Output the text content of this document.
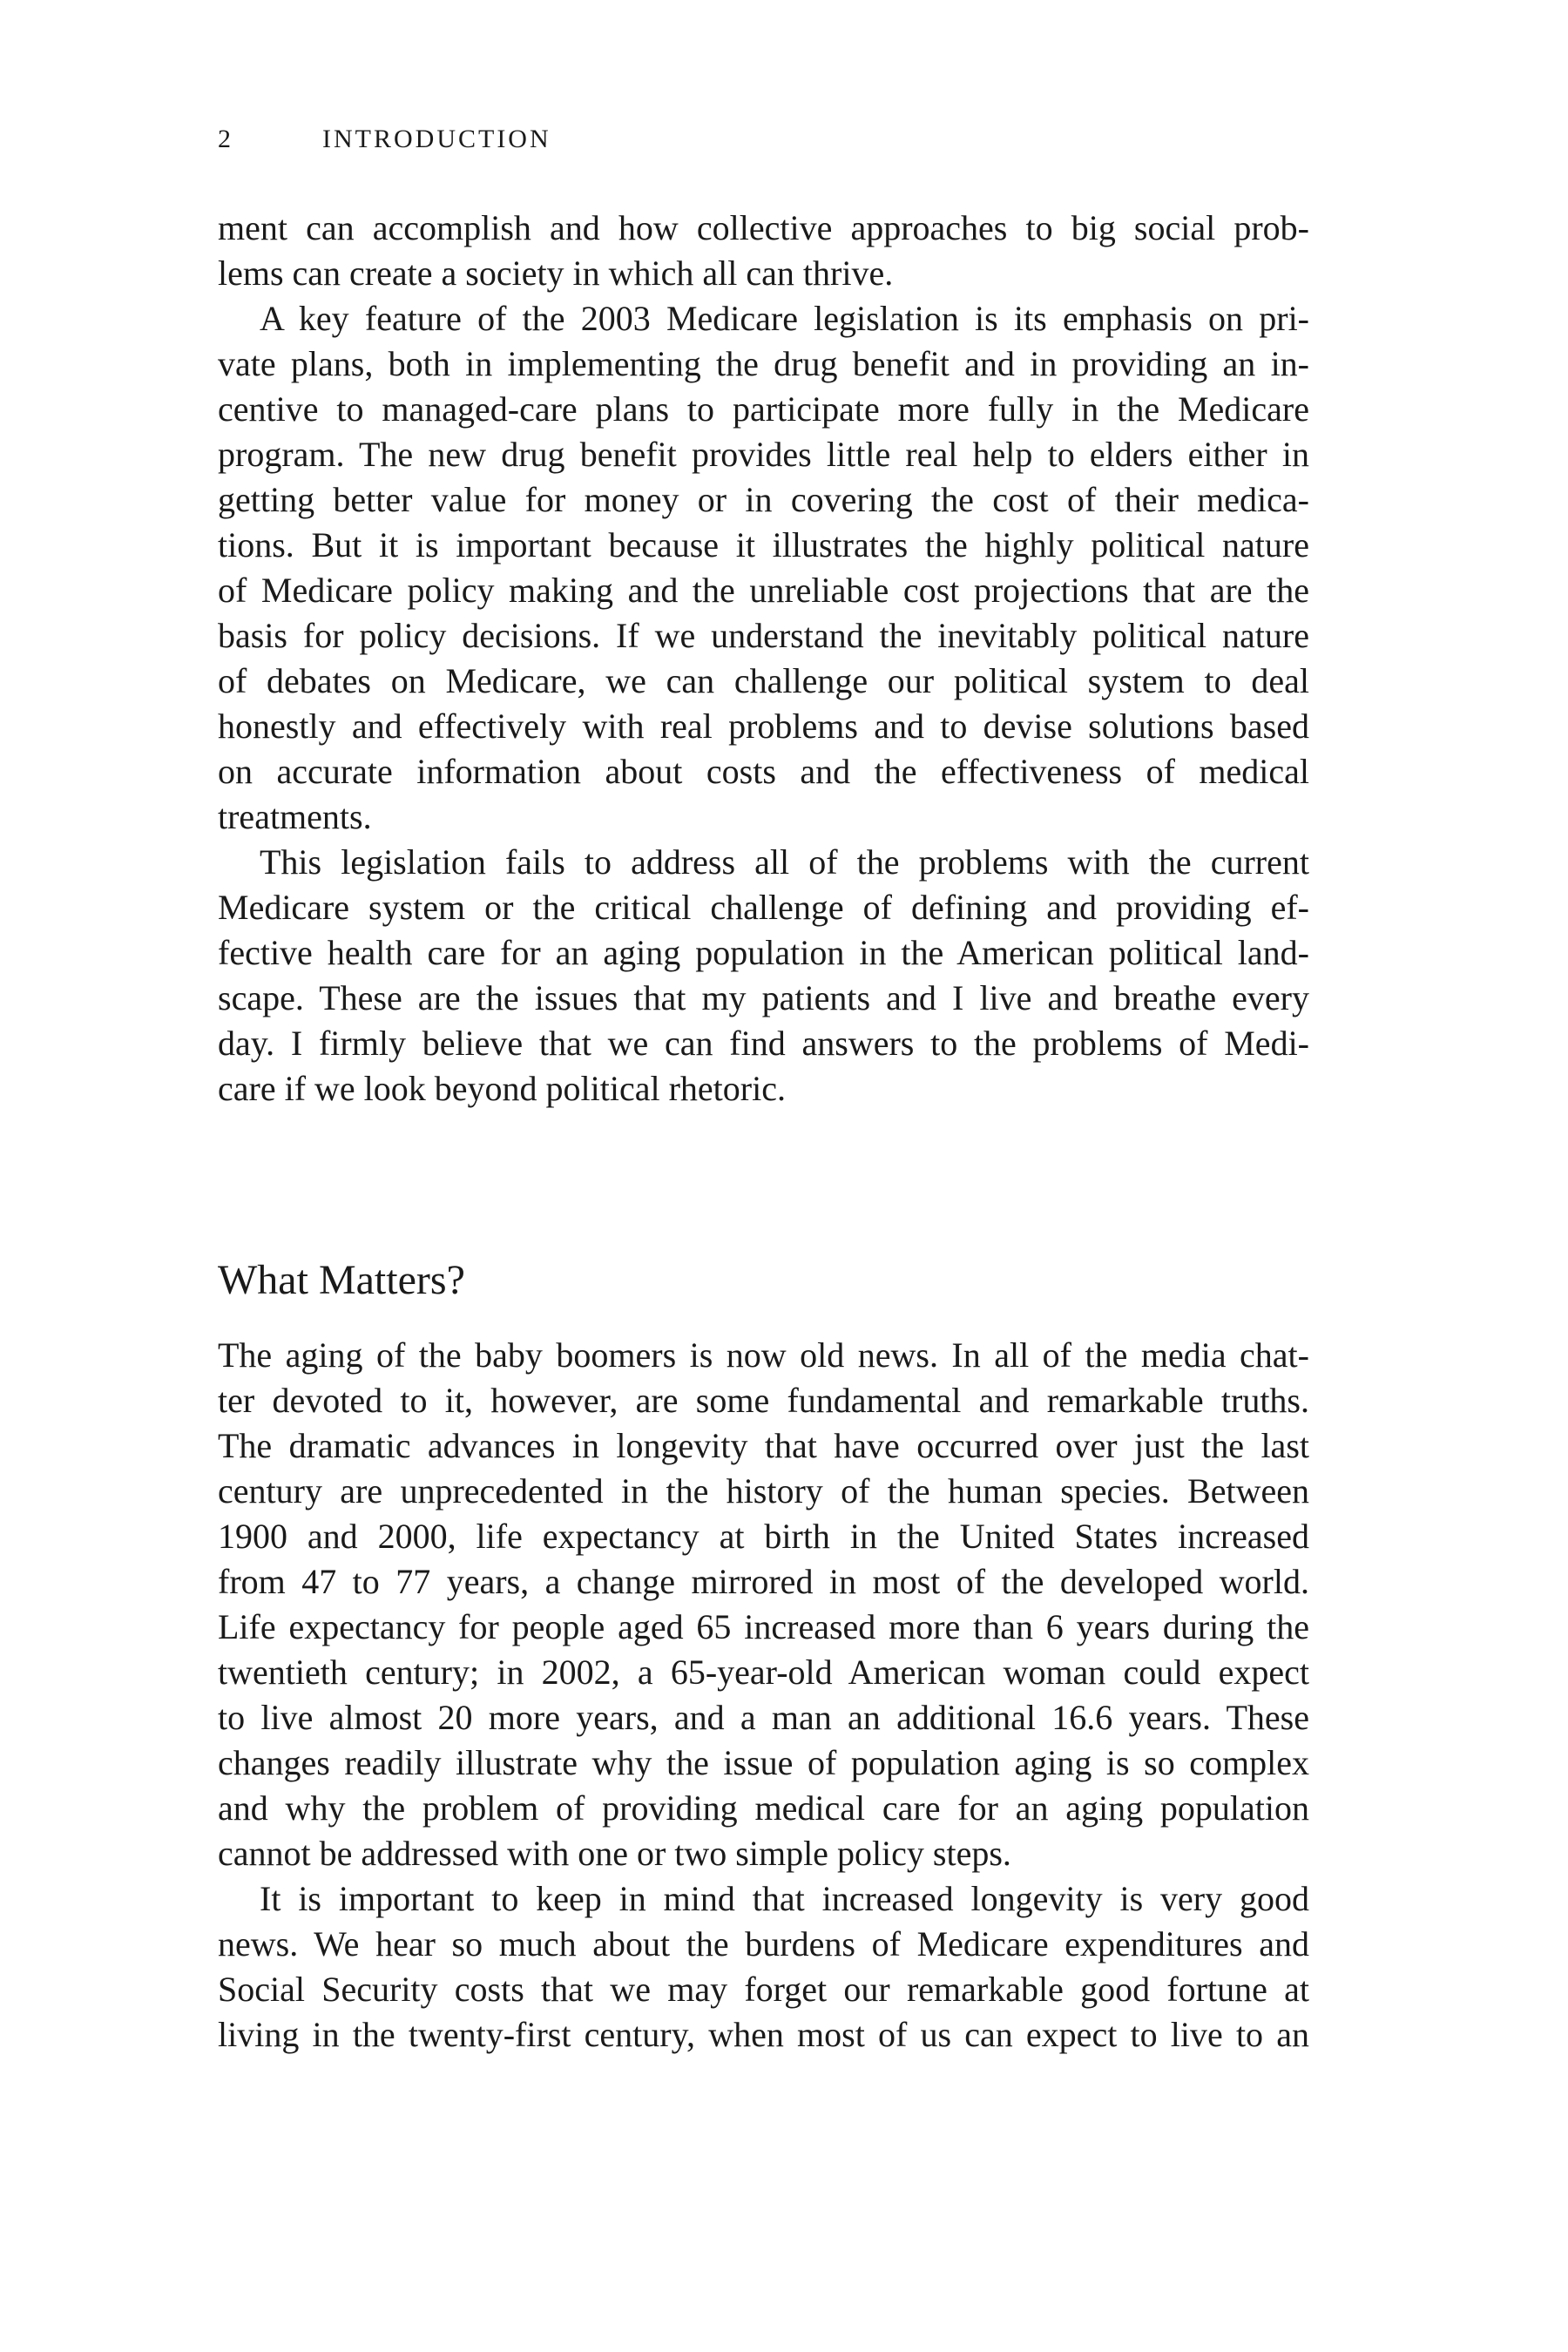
2	INTRODUCTION
ment can accomplish and how collective approaches to big social prob-
lems can create a society in which all can thrive.
A key feature of the 2003 Medicare legislation is its emphasis on pri-
vate plans, both in implementing the drug benefit and in providing an in-
centive to managed-care plans to participate more fully in the Medicare
program. The new drug benefit provides little real help to elders either in
getting better value for money or in covering the cost of their medica-
tions. But it is important because it illustrates the highly political nature
of Medicare policy making and the unreliable cost projections that are the
basis for policy decisions. If we understand the inevitably political nature
of debates on Medicare, we can challenge our political system to deal
honestly and effectively with real problems and to devise solutions based
on accurate information about costs and the effectiveness of medical
treatments.
This legislation fails to address all of the problems with the current
Medicare system or the critical challenge of defining and providing ef-
fective health care for an aging population in the American political land-
scape. These are the issues that my patients and I live and breathe every
day. I firmly believe that we can find answers to the problems of Medi-
care if we look beyond political rhetoric.
What Matters?
The aging of the baby boomers is now old news. In all of the media chat-
ter devoted to it, however, are some fundamental and remarkable truths.
The dramatic advances in longevity that have occurred over just the last
century are unprecedented in the history of the human species. Between
1900 and 2000, life expectancy at birth in the United States increased
from 47 to 77 years, a change mirrored in most of the developed world.
Life expectancy for people aged 65 increased more than 6 years during the
twentieth century; in 2002, a 65-year-old American woman could expect
to live almost 20 more years, and a man an additional 16.6 years. These
changes readily illustrate why the issue of population aging is so complex
and why the problem of providing medical care for an aging population
cannot be addressed with one or two simple policy steps.
It is important to keep in mind that increased longevity is very good
news. We hear so much about the burdens of Medicare expenditures and
Social Security costs that we may forget our remarkable good fortune at
living in the twenty-first century, when most of us can expect to live to an
